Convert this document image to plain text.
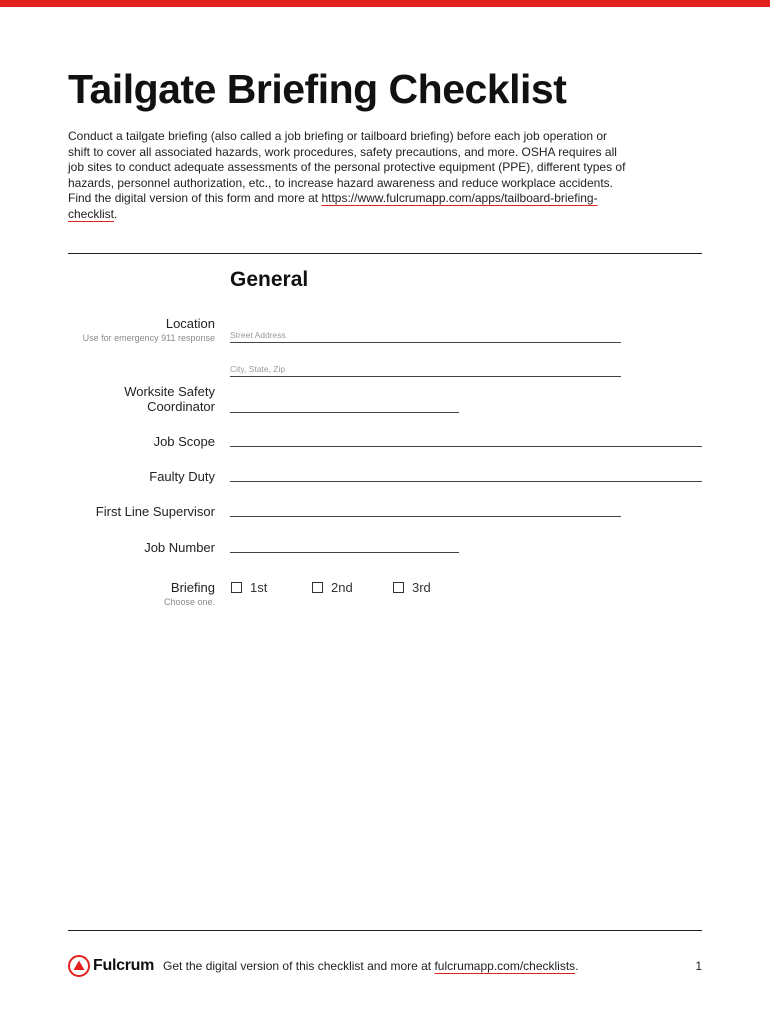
Tailgate Briefing Checklist
Conduct a tailgate briefing (also called a job briefing or tailboard briefing) before each job operation or shift to cover all associated hazards, work procedures, safety precautions, and more. OSHA requires all job sites to conduct adequate assessments of the personal protective equipment (PPE), different types of hazards, personnel authorization, etc., to increase hazard awareness and reduce workplace accidents. Find the digital version of this form and more at https://www.fulcrumapp.com/apps/tailboard-briefing-checklist.
General
Location
Use for emergency 911 response Street Address
City, State, Zip
Worksite Safety
Coordinator
Job Scope
Faulty Duty
First Line Supervisor
Job Number
Briefing
Choose one.
1st	2nd	3rd
Fulcrum Get the digital version of this checklist and more at fulcrumapp.com/checklists.	1
